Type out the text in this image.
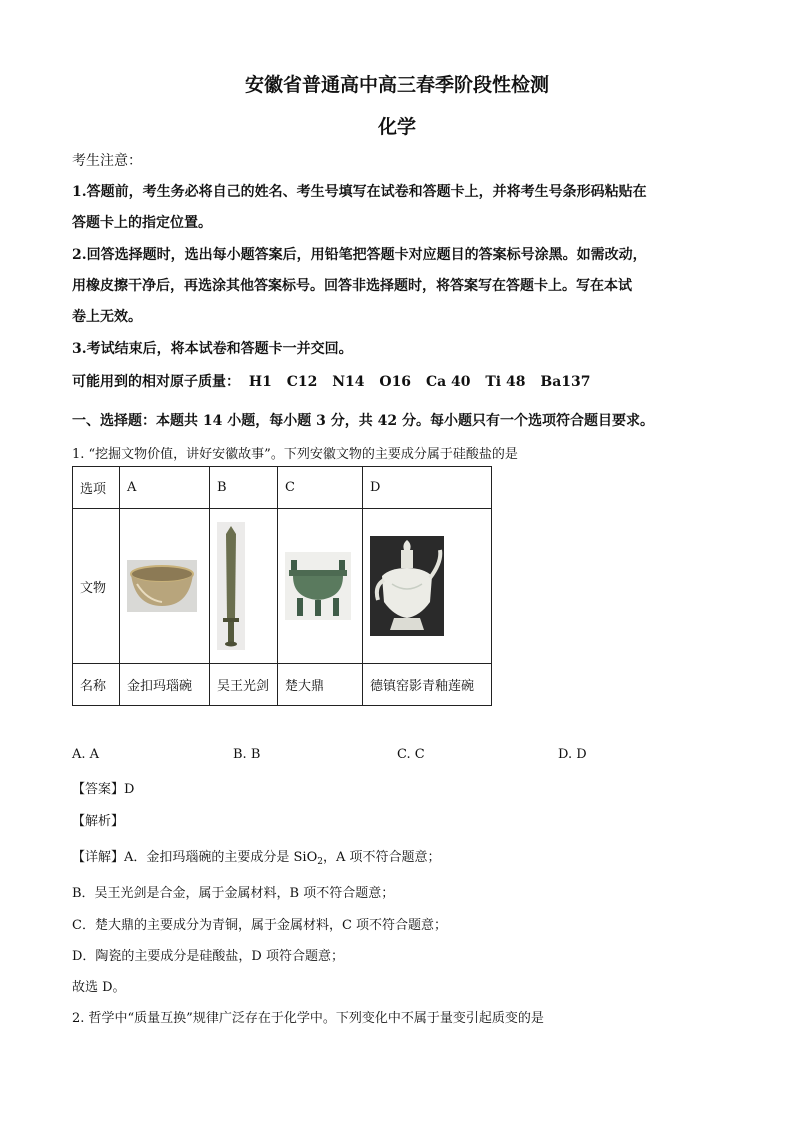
安徽省普通高中高三春季阶段性检测
化学
考生注意：
1.答题前，考生务必将自己的姓名、考生号填写在试卷和答题卡上，并将考生号条形码粘贴在
答题卡上的指定位置。
2.回答选择题时，选出每小题答案后，用铅笔把答题卡对应题目的答案标号涂黑。如需改动，
用橡皮擦干净后，再选涂其他答案标号。回答非选择题时，将答案写在答题卡上。写在本试
卷上无效。
3.考试结束后，将本试卷和答题卡一并交回。
可能用到的相对原子质量： H1 C12 N14 O16 Ca 40 Ti 48 Ba137
一、选择题：本题共 14 小题，每小题 3 分，共 42 分。每小题只有一个选项符合题目要求。
1. “挖掘文物价值，讲好安徽故事”。下列安徽文物的主要成分属于硅酸盐的是
选项	A	B	C	D
文物	

名称	金扣玛瑙碗	吴王光剑	楚大鼎	德镇窑影青釉莲碗
A. A	B. B	C. C	D. D
【答案】D
【解析】
【详解】A．金扣玛瑙碗的主要成分是 SiO$_2$，A 项不符合题意；
B．吴王光剑是合金，属于金属材料，B 项不符合题意；
C．楚大鼎的主要成分为青铜，属于金属材料，C 项不符合题意；
D．陶瓷的主要成分是硅酸盐，D 项符合题意；
故选 D。
2. 哲学中“质量互换”规律广泛存在于化学中。下列变化中不属于量变引起质变的是
